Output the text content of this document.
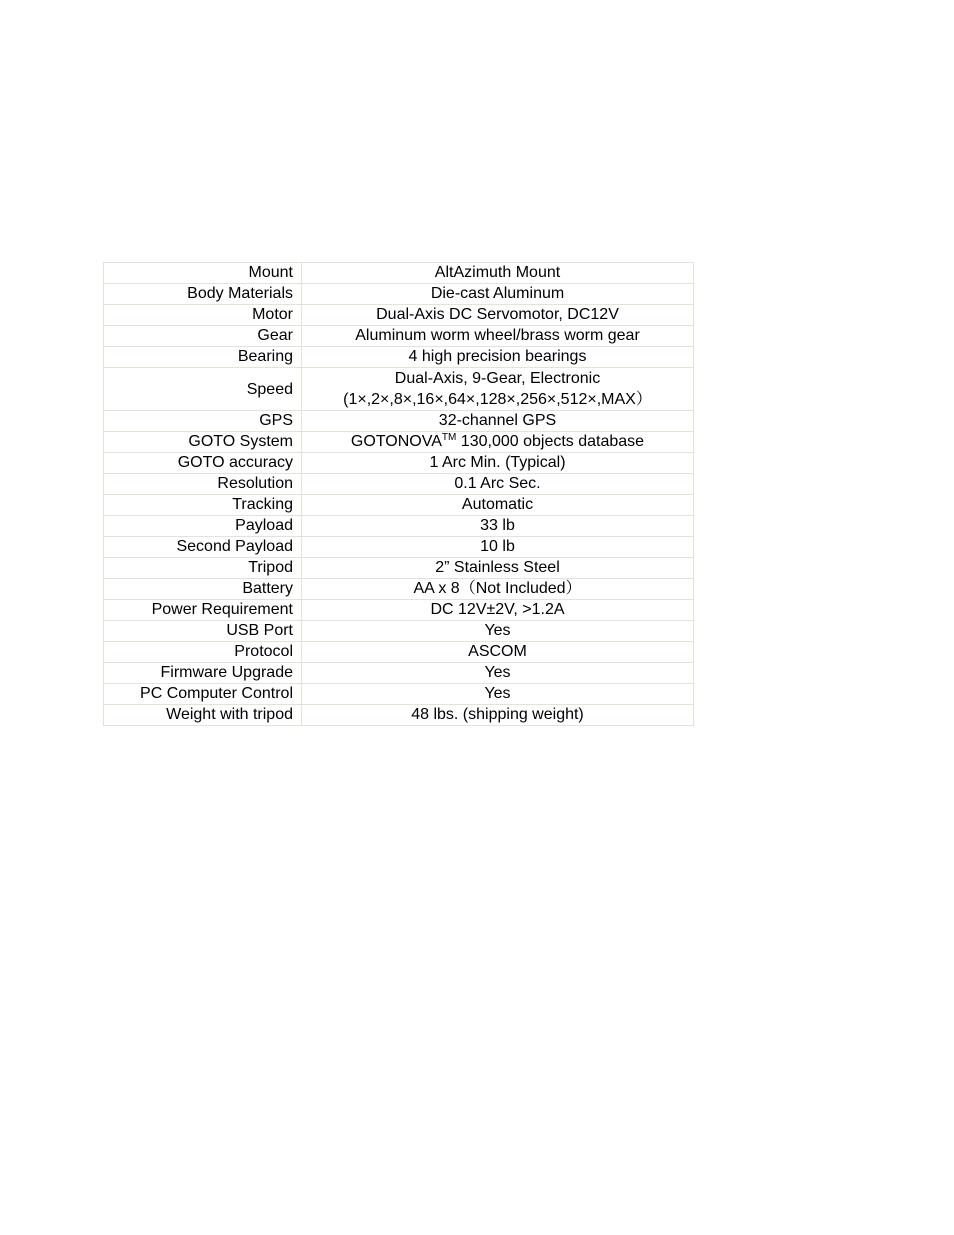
Mount	AltAzimuth Mount
Body Materials	Die-cast Aluminum
Motor	Dual-Axis DC Servomotor, DC12V
Gear	Aluminum worm wheel/brass worm gear
Bearing	4 high precision bearings
Speed	Dual-Axis, 9-Gear, Electronic
(1×,2×,8×,16×,64×,128×,256×,512×,MAX）

GPS	32-channel GPS
GOTO System	GOTONOVA™ 130,000 objects database
GOTO accuracy	1 Arc Min. (Typical)
Resolution	0.1 Arc Sec.
Tracking	Automatic
Payload	33 lb
Second Payload	10 lb
Tripod	2” Stainless Steel
Battery	AA x 8（Not Included）
Power Requirement	DC 12V±2V, >1.2A
USB Port	Yes
Protocol	ASCOM
Firmware Upgrade	Yes
PC Computer Control	Yes
Weight with tripod	48 lbs. (shipping weight)
